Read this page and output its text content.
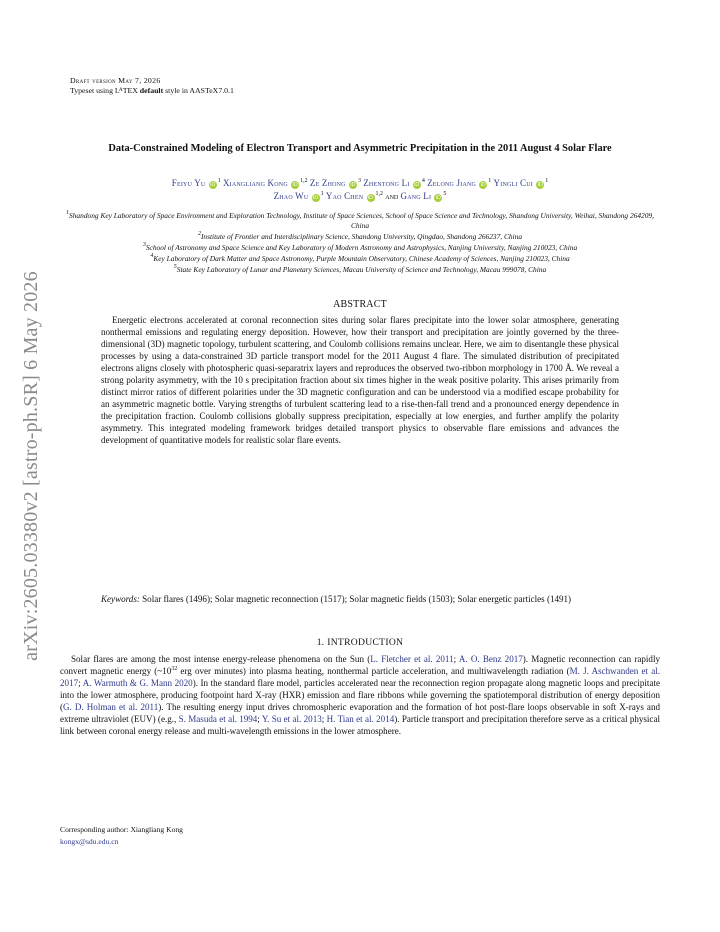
arXiv:2605.03380v2 [astro-ph.SR] 6 May 2026
Draft version May 7, 2026
Typeset using $L^ATEX$ default style in AASTeX7.0.1
Data-Constrained Modeling of Electron Transport and Asymmetric Precipitation in the 2011 August 4 Solar Flare
Feiyu Yu $iD^1$ Xiangliang Kong iD$^{1,2}$ Ze Zhong $iD^3$ Zhentong Li $iD^4$ Zelong Jiang $iD^1$ Yingli Cui $iD^1$
Zhao Wu $iD^1$ Yao Chen iD$^{1,2}$ and Gang Li $iD^5$
$^1$Shandong Key Laboratory of Space Environment and Exploration Technology, Institute of Space Sciences, School of Space Science and Technology, Shandong University, Weihai, Shandong 264209, China
$^2$Institute of Frontier and Interdisciplinary Science, Shandong University, Qingdao, Shandong 266237, China
$^3$School of Astronomy and Space Science and Key Laboratory of Modern Astronomy and Astrophysics, Nanjing University, Nanjing 210023, China
$^4$Key Laboratory of Dark Matter and Space Astronomy, Purple Mountain Observatory, Chinese Academy of Sciences, Nanjing 210023, China
$^5$State Key Laboratory of Lunar and Planetary Sciences, Macau University of Science and Technology, Macau 999078, China
ABSTRACT
Energetic electrons accelerated at coronal reconnection sites during solar flares precipitate into the lower solar atmosphere, generating nonthermal emissions and regulating energy deposition. However, how their transport and precipitation are jointly governed by the three-dimensional (3D) magnetic topology, turbulent scattering, and Coulomb collisions remains unclear. Here, we aim to disentangle these physical processes by using a data-constrained 3D particle transport model for the 2011 August 4 flare. The simulated distribution of precipitated electrons aligns closely with photospheric quasi-separatrix layers and reproduces the observed two-ribbon morphology in 1700 Å. We reveal a strong polarity asymmetry, with the 10 s precipitation fraction about six times higher in the weak positive polarity. This arises primarily from distinct mirror ratios of different polarities under the 3D magnetic configuration and can be understood via a modified escape probability for an asymmetric magnetic bottle. Varying strengths of turbulent scattering lead to a rise-then-fall trend and a pronounced energy dependence in the precipitation fraction. Coulomb collisions globally suppress precipitation, especially at low energies, and further amplify the polarity asymmetry. This integrated modeling framework bridges detailed transport physics to observable flare emissions and advances the development of quantitative models for realistic solar flare events.
Keywords: Solar flares (1496); Solar magnetic reconnection (1517); Solar magnetic fields (1503); Solar energetic particles (1491)
1. INTRODUCTION
Solar flares are among the most intense energy-release phenomena on the Sun (L. Fletcher et al. 2011; A. O. Benz 2017). Magnetic reconnection can rapidly convert magnetic energy ($\sim 10^{32}$ erg over minutes) into plasma heating, nonthermal particle acceleration, and multiwavelength radiation (M. J. Aschwanden et al. 2017; A. Warmuth & G. Mann 2020). In the standard flare model, particles accelerated near the reconnection region propagate along magnetic loops and precipitate into the lower atmosphere, producing footpoint hard X-ray (HXR) emission and flare ribbons while governing the spatiotemporal distribution of energy deposition (G. D. Holman et al. 2011). The resulting energy input drives chromospheric evaporation and the formation of hot post-flare loops observable in soft X-rays and extreme ultraviolet (EUV) (e.g., S. Masuda et al. 1994; Y. Su et al. 2013; H. Tian et al. 2014). Particle transport and precipitation therefore serve as a critical physical link between coronal energy release and multi-wavelength emissions in the lower atmosphere.
Corresponding author: Xiangliang Kong
kongx@sdu.edu.cn
